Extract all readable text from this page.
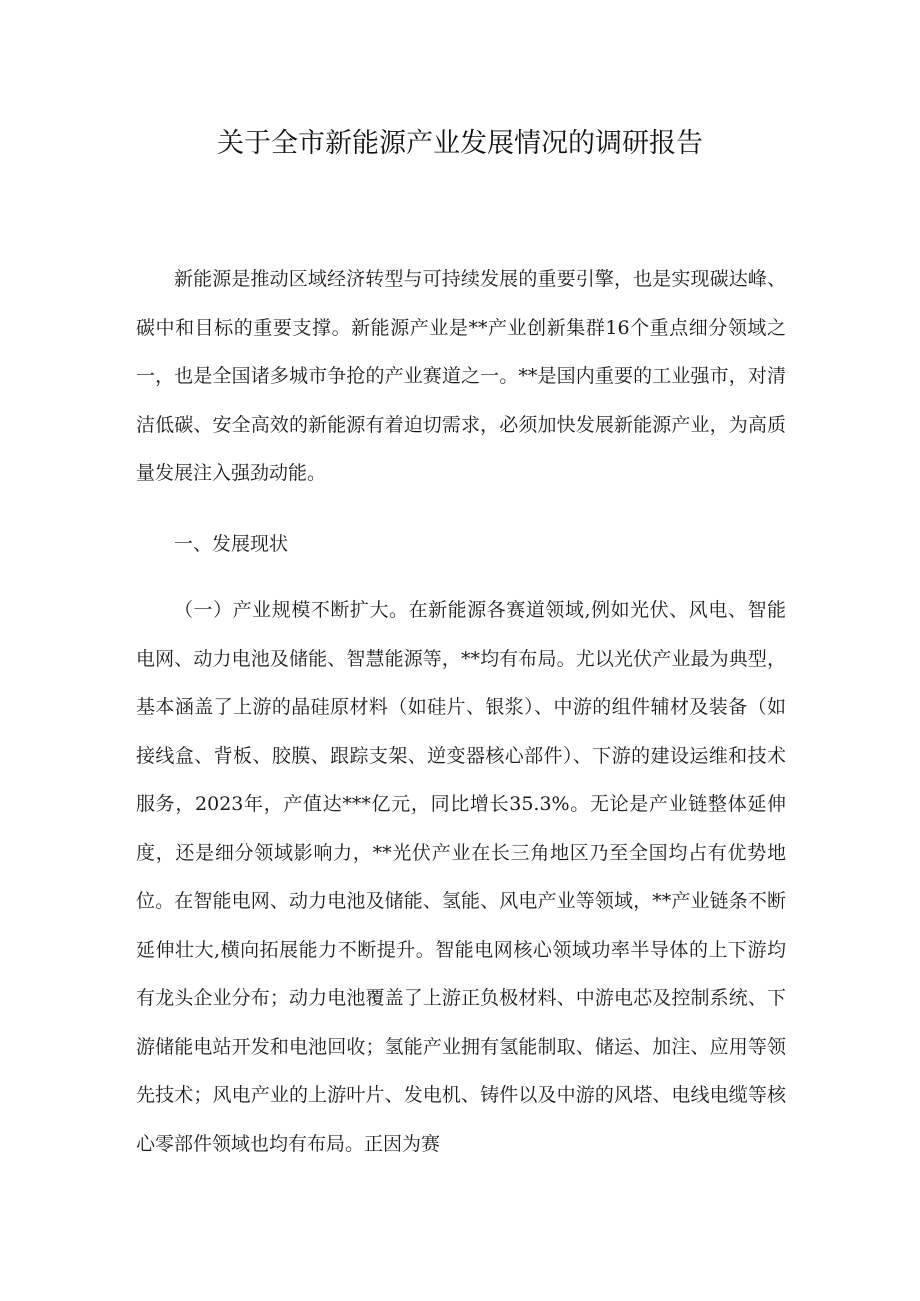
关于全市新能源产业发展情况的调研报告

新能源是推动区域经济转型与可持续发展的重要引擎，也是实现碳达峰、碳中和目标的重要支撑。新能源产业是**产业创新集群16个重点细分领域之一，也是全国诸多城市争抢的产业赛道之一。**是国内重要的工业强市，对清洁低碳、安全高效的新能源有着迫切需求，必须加快发展新能源产业，为高质量发展注入强劲动能。

一、发展现状

（一）产业规模不断扩大。在新能源各赛道领域,例如光伏、风电、智能电网、动力电池及储能、智慧能源等，**均有布局。尤以光伏产业最为典型，基本涵盖了上游的晶硅原材料（如硅片、银浆）、中游的组件辅材及装备（如接线盒、背板、胶膜、跟踪支架、逆变器核心部件）、下游的建设运维和技术服务，2023年，产值达***亿元，同比增长35.3%。无论是产业链整体延伸度，还是细分领域影响力，**光伏产业在长三角地区乃至全国均占有优势地位。在智能电网、动力电池及储能、氢能、风电产业等领域，**产业链条不断延伸壮大,横向拓展能力不断提升。智能电网核心领域功率半导体的上下游均有龙头企业分布；动力电池覆盖了上游正负极材料、中游电芯及控制系统、下游储能电站开发和电池回收；氢能产业拥有氢能制取、储运、加注、应用等领先技术；风电产业的上游叶片、发电机、铸件以及中游的风塔、电线电缆等核心零部件领域也均有布局。正因为赛
